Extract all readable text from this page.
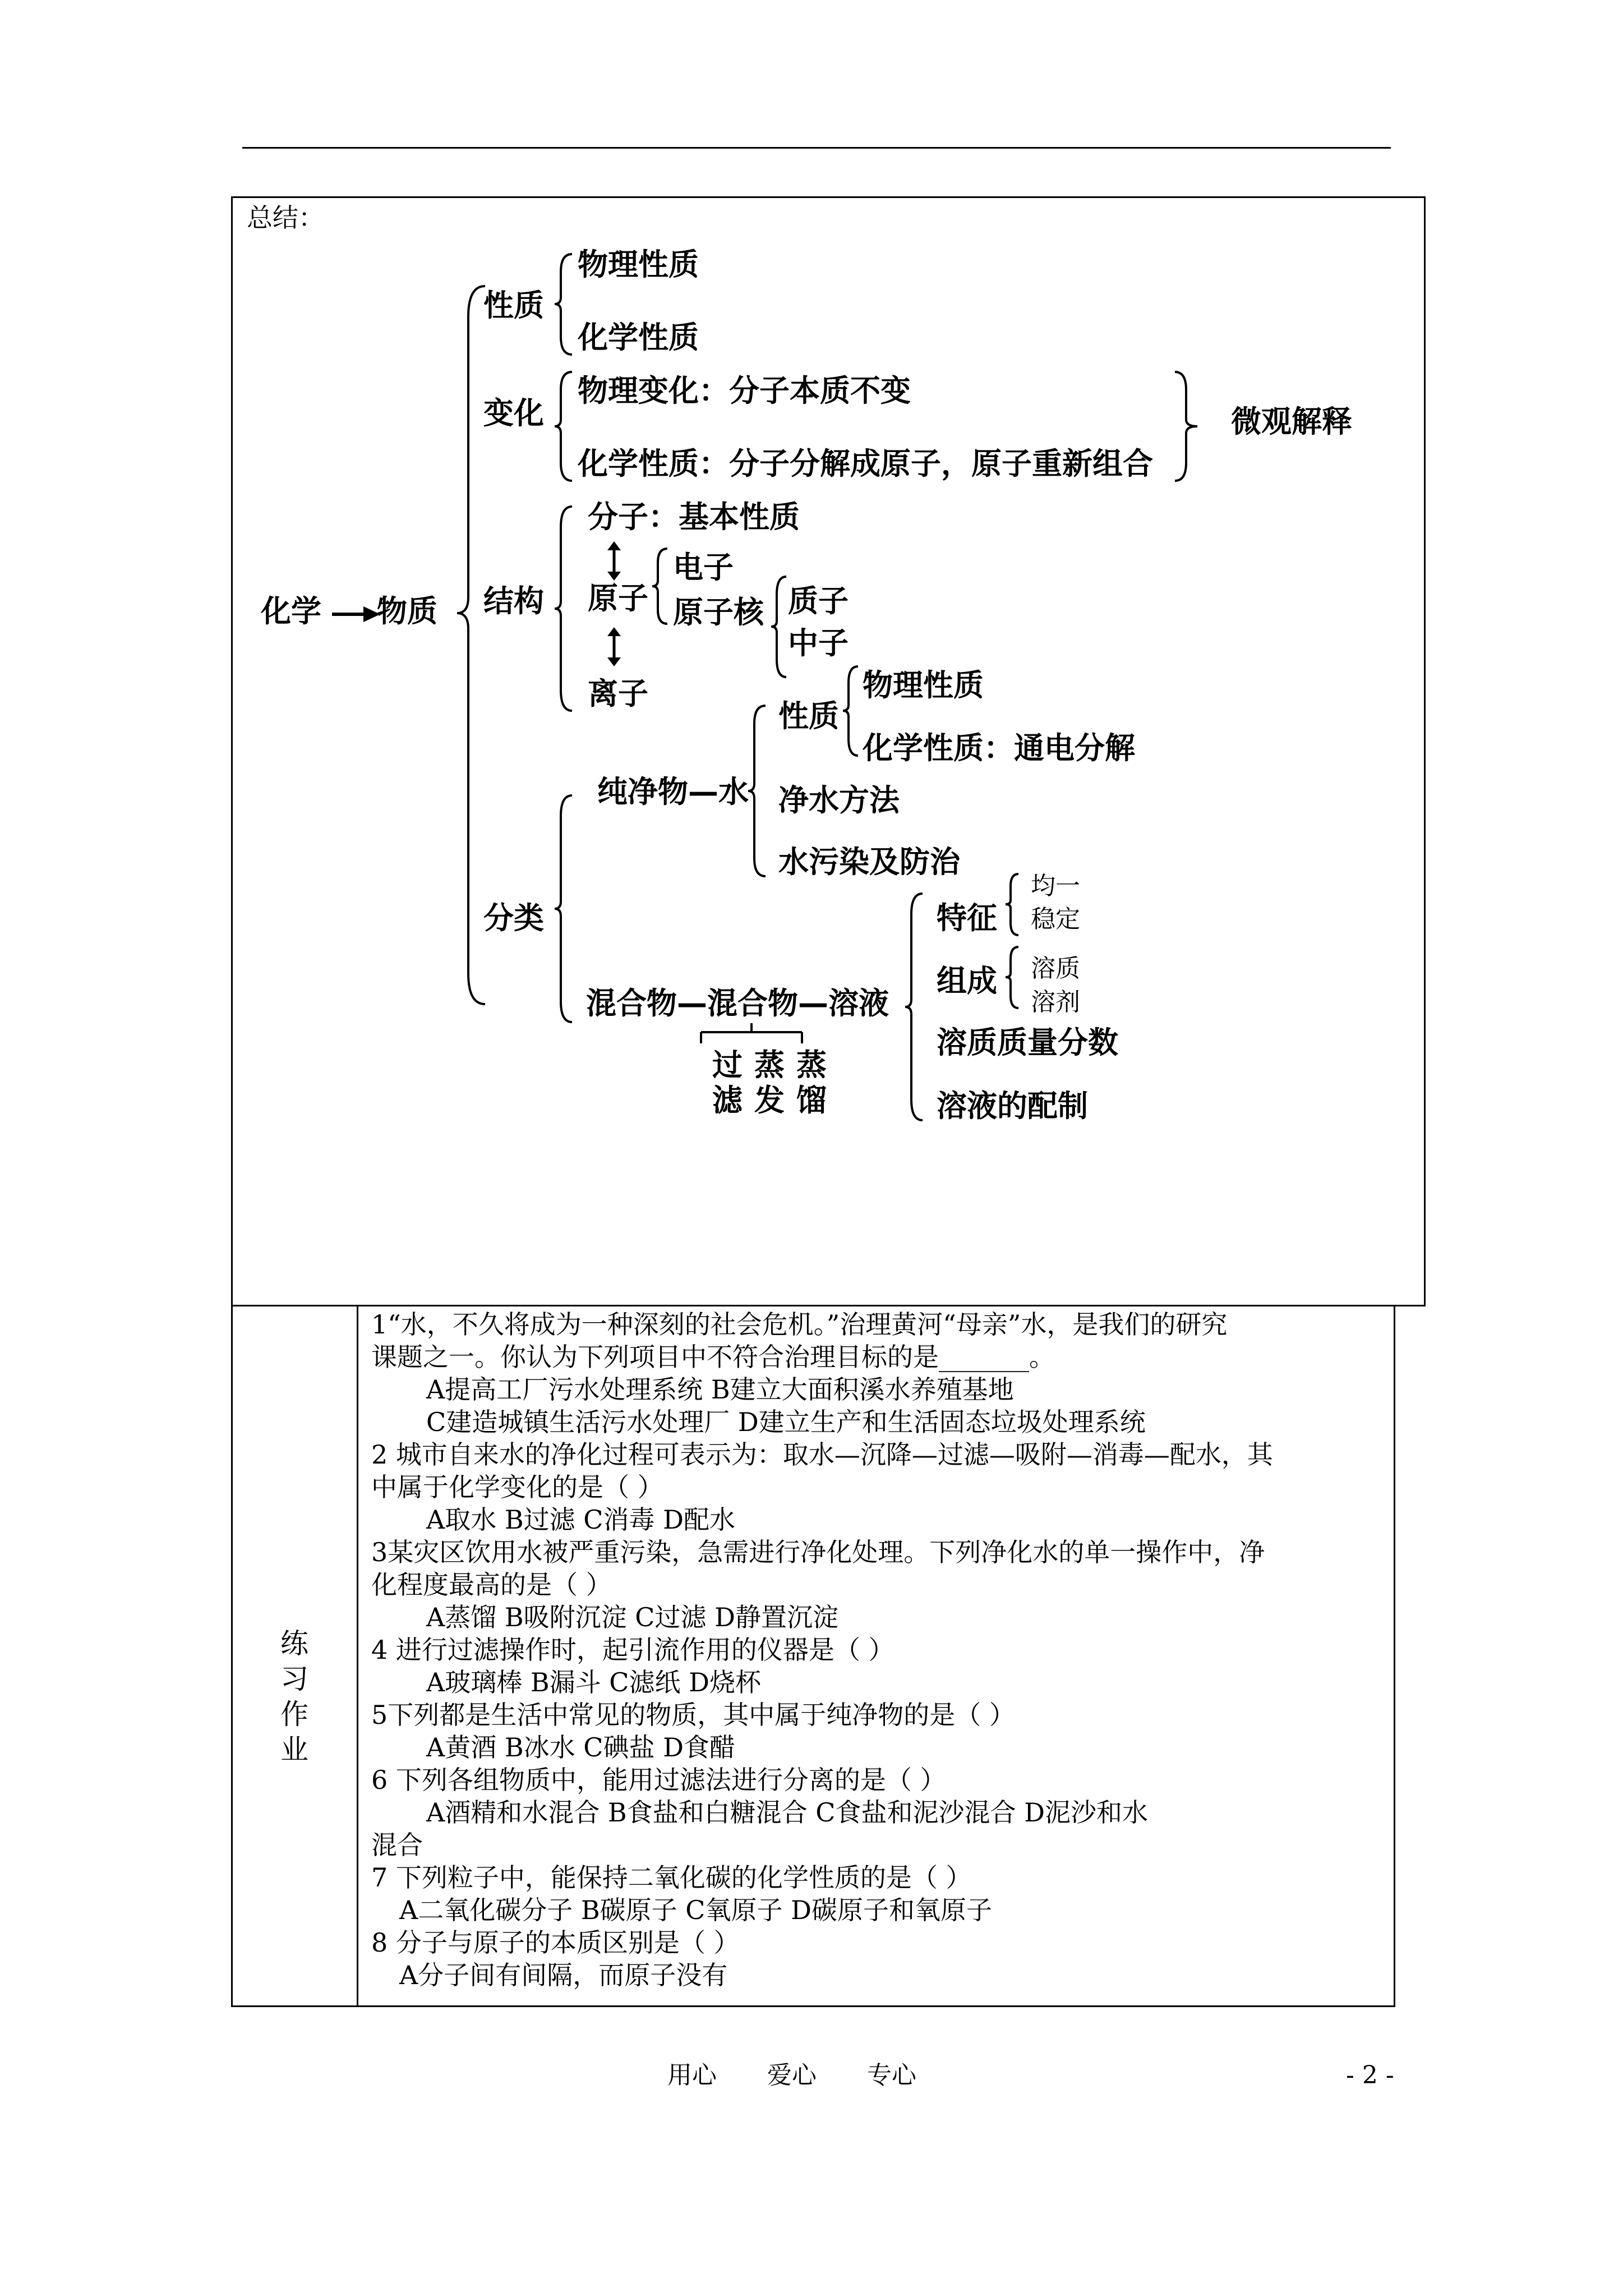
总结：
化学 物质
性质
物理性质
化学性质
变化
物理变化：分子本质不变
化学性质：分子分解成原子，原子重新组合
微观解释
结构
分子：基本性质
原子
离子
电子
原子核 质子
中子
分类
纯净物—水
性质
物理性质
化学性质：通电分解
净水方法
水污染及防治
混合物—混合物—溶液
过
滤
蒸
发
蒸
馏
特征
均一
稳定
组成 溶质
溶剂
溶质质量分数
溶液的配制
练
习
作
业
1“水，不久将成为一种深刻的社会危机。”治理黄河“母亲”水，是我们的研究
课题之一。你认为下列项目中不符合治理目标的是_______。
A提高工厂污水处理系统 B建立大面积溪水养殖基地
C建造城镇生活污水处理厂 D建立生产和生活固态垃圾处理系统
2 城市自来水的净化过程可表示为：取水—沉降—过滤—吸附—消毒—配水，其
中属于化学变化的是（ ）
A取水 B过滤 C消毒 D配水
3某灾区饮用水被严重污染，急需进行净化处理。下列净化水的单一操作中，净
化程度最高的是（ ）
A蒸馏 B吸附沉淀 C过滤 D静置沉淀
4 进行过滤操作时，起引流作用的仪器是（ ）
A玻璃棒 B漏斗 C滤纸 D烧杯
5下列都是生活中常见的物质，其中属于纯净物的是（ ）
A黄酒 B冰水 C碘盐 D食醋
6 下列各组物质中，能用过滤法进行分离的是（ ）
A酒精和水混合 B食盐和白糖混合 C食盐和泥沙混合 D泥沙和水
混合
7 下列粒子中，能保持二氧化碳的化学性质的是（ ）
A二氧化碳分子 B碳原子 C氧原子 D碳原子和氧原子
用心 爱心 专心	- 2 -
8 分子与原子的本质区别是（ ）
A分子间有间隔，而原子没有
